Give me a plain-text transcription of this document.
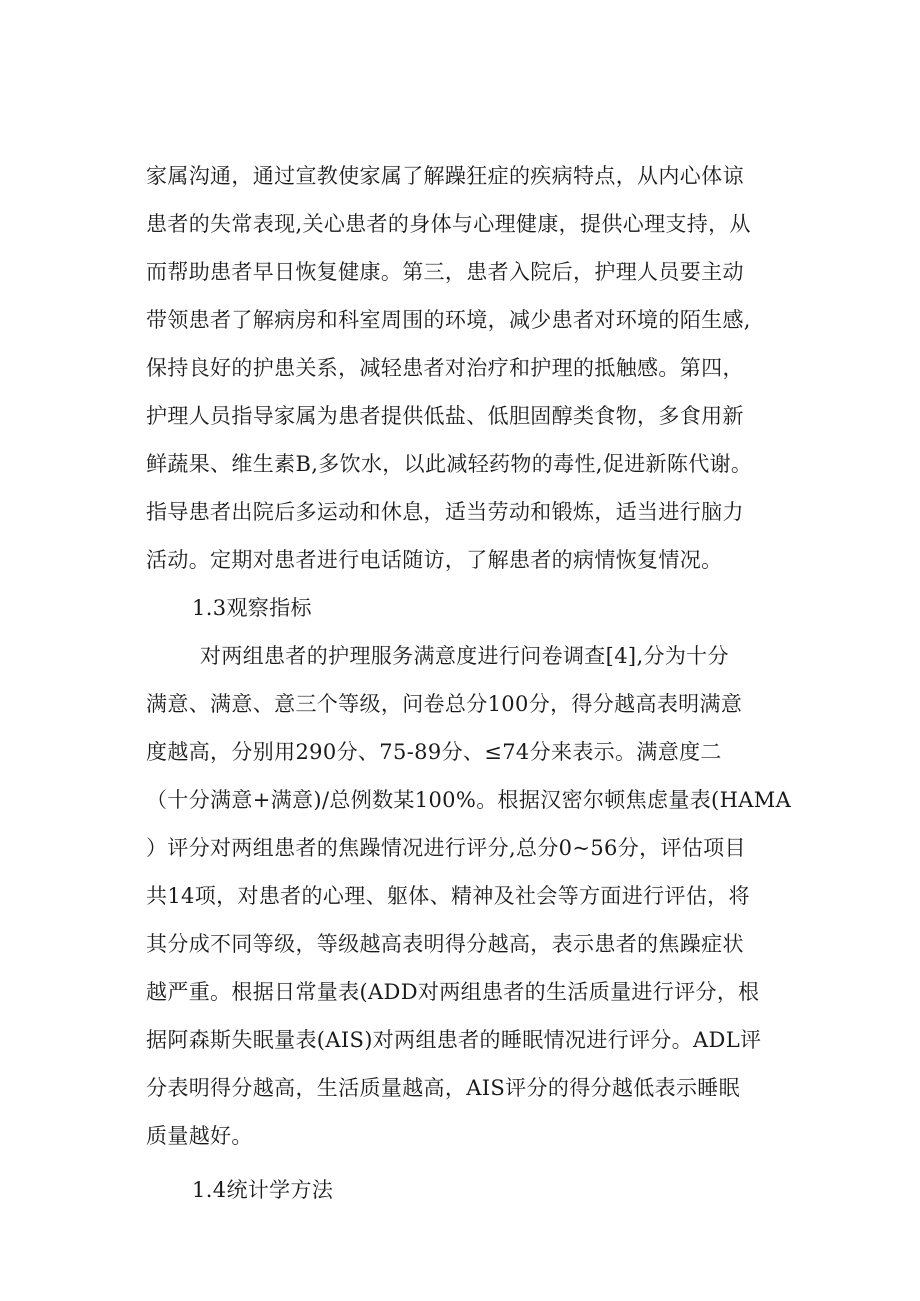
家属沟通，通过宣教使家属了解躁狂症的疾病特点，从内心体谅
患者的失常表现,关心患者的身体与心理健康，提供心理支持，从
而帮助患者早日恢复健康。第三，患者入院后，护理人员要主动
带领患者了解病房和科室周围的环境，减少患者对环境的陌生感,
保持良好的护患关系，减轻患者对治疗和护理的抵触感。第四，
护理人员指导家属为患者提供低盐、低胆固醇类食物，多食用新
鲜蔬果、维生素B,多饮水，以此减轻药物的毒性,促进新陈代谢。
指导患者出院后多运动和休息，适当劳动和锻炼，适当进行脑力
活动。定期对患者进行电话随访，了解患者的病情恢复情况。
1.3观察指标
对两组患者的护理服务满意度进行问卷调查[4],分为十分
满意、满意、意三个等级，问卷总分100分，得分越高表明满意
度越高，分别用290分、75-89分、≤74分来表示。满意度二
（十分满意+满意)/总例数某100%。根据汉密尔顿焦虑量表(HAMA
）评分对两组患者的焦躁情况进行评分,总分0~56分，评估项目
共14项，对患者的心理、躯体、精神及社会等方面进行评估，将
其分成不同等级，等级越高表明得分越高，表示患者的焦躁症状
越严重。根据日常量表(ADD对两组患者的生活质量进行评分，根
据阿森斯失眠量表(AIS)对两组患者的睡眠情况进行评分。ADL评
分表明得分越高，生活质量越高，AIS评分的得分越低表示睡眠
质量越好。
1.4统计学方法
